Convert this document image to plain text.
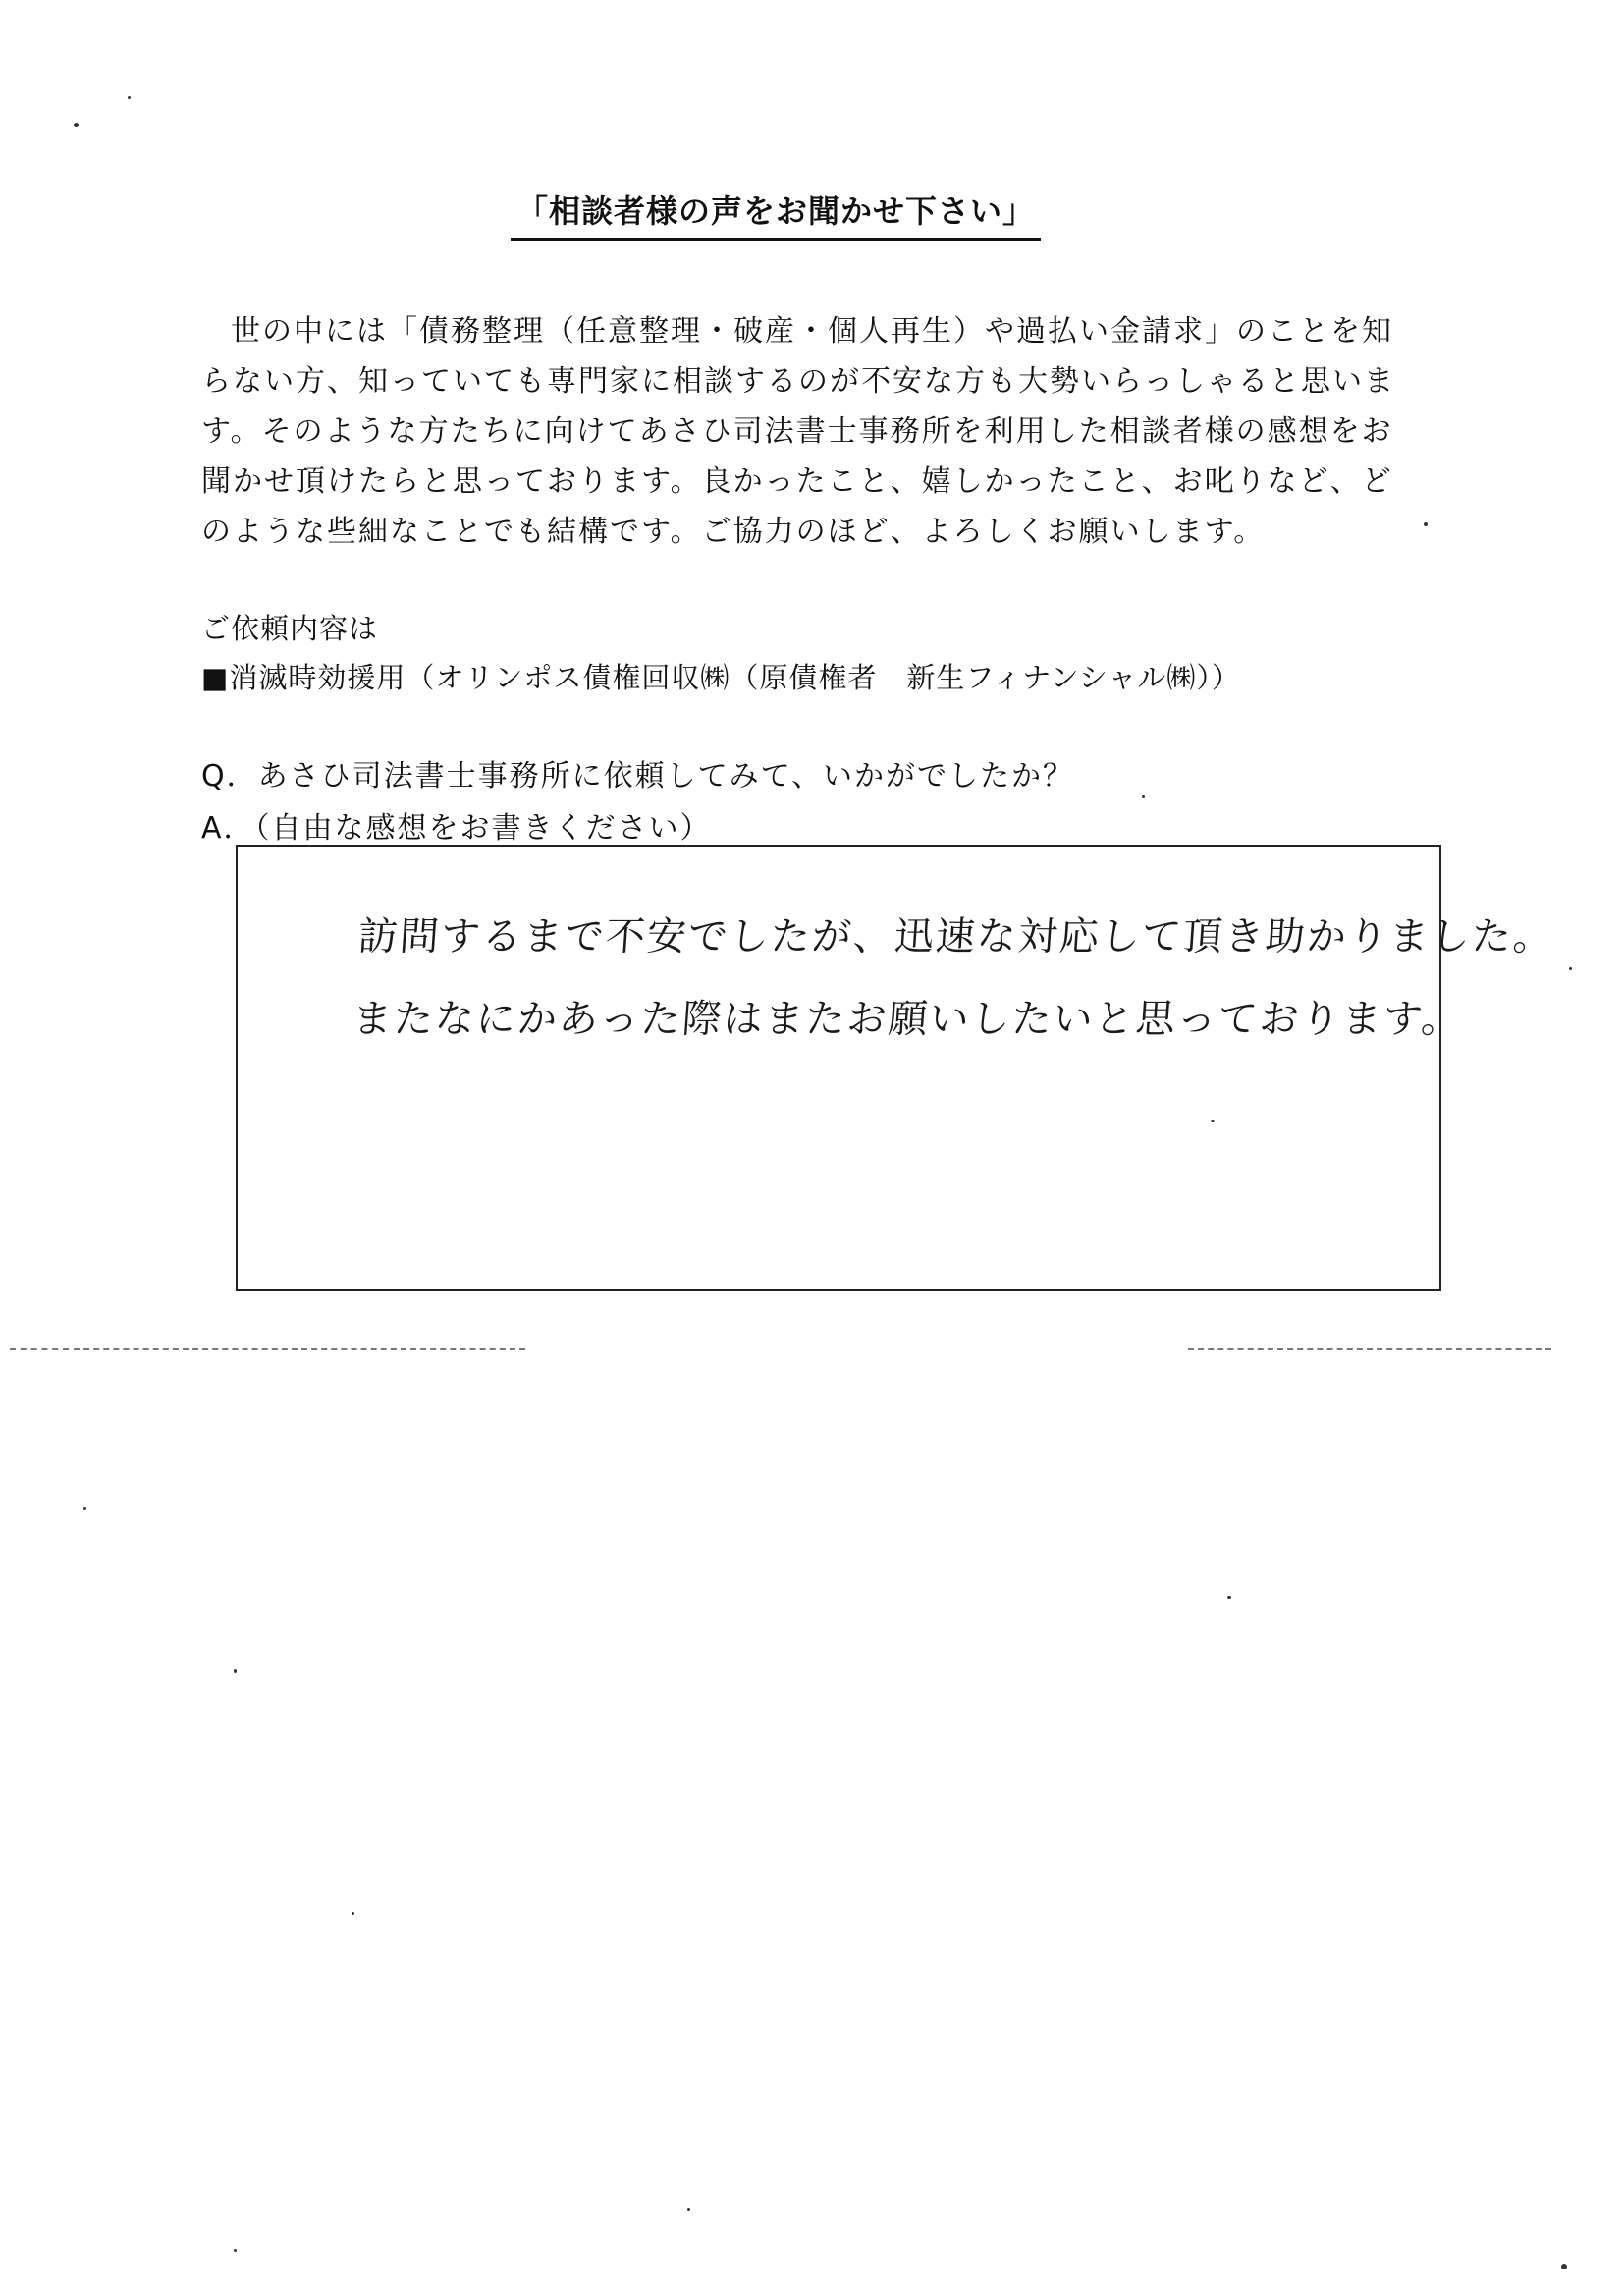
「相談者様の声をお聞かせ下さい」

世の中には「債務整理（任意整理・破産・個人再生）や過払い金請求」のことを知

らない方、知っていても専門家に相談するのが不安な方も大勢いらっしゃると思いま

す。そのような方たちに向けてあさひ司法書士事務所を利用した相談者様の感想をお

聞かせ頂けたらと思っております。良かったこと、嬉しかったこと、お叱りなど、ど

のような些細なことでも結構です。ご協力のほど、よろしくお願いします。

ご依頼内容は
■消滅時効援用（オリンポス債権回収㈱（原債権者　新生フィナンシャル㈱））
Q．あさひ司法書士事務所に依頼してみて、いかがでしたか？
A．（自由な感想をお書きください）

訪問するまで不安でしたが、迅速な対応して頂き助かりました。

またなにかあった際はまたお願いしたいと思っております。
